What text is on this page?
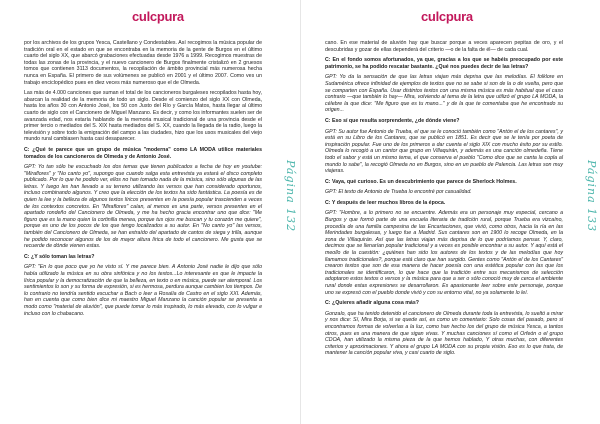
culcpura

por los archivos de los grupos Yesca, Castellano y Condestables. Así recogimos la música popular de tradición oral en el estado en que se encontraba en la memoria de la gente de Burgos en el último cuarto del siglo XX, que abarcó grabaciones efectuadas desde 1976 a 1999. Recogimos muestras de todas las zonas de la provincia, y el nuevo cancionero de Burgos finalmente cristalizó en 2 gruesos tomos que contienen 3113 documentos, la recopilación de ámbito provincial más numerosa hecha nunca en España. El primero de sus volúmenes se publicó en 2001 y el último 2007. Como ves un trabajo enciclopédico pues en diez veces más numeroso que el de Olmeda.

Las más de 4.000 canciones que suman el total de los cancioneros burgaleses recopilados hasta hoy, abarcan la realidad de la memoria de todo un siglo. Desde el comienzo del siglo XX con Olmeda, hasta los años 30 con Antonio José, los 50 con Justo del Río y García Matos, hasta llegar al último cuarto de siglo con el Cancionero de Miguel Manzano. Es decir, y como los informantes suelen ser de avanzada edad, nos estaría hablando de la memoria musical tradicional de una provincia desde el primer tercio o mediados del S. XIX hasta mediados del S. XX, cuando la llegada de la radio, luego la televisión y sobre todo la emigración del campo a las ciudades, hizo que los usos musicales del viejo mundo rural cambiasen hasta casi desaparecer.

C: ¿Qué te parece que un grupo de música "moderna" como LA MODA utilice materiales tomados de los cancioneros de Olmeda y de Antonio José.

GPT: Yo tan sólo he escuchado los dos temas que tienen publicados a fecha de hoy en youtube: "Miraflores" y "No canto yo", supongo que cuando salga esta entrevista ya estará el disco completo publicado. Por lo que he podido ver, ellos no han tomado nada de la música, sino sólo algunas de las letras. Y luego les han llevado a su terreno utilizando las versos que han considerado oportunos, incluso combinando algunos. Y creo que la elección de los textos ha sido fantástica. La poesía es de quien la lee y la belleza de algunos textos líricos presentes en la poesía popular trascienden a veces de los contextos concretos. En "Miraflores" caían, al menos es una parte, versos presentes en el apartado rondeño del Cancionero de Olmeda, y me ha hecho gracia encontrar uno que dice: "Me figuro que es la mano quien la cortinilla menea, porque tus ojos me buscan y tu corazón me quiere", porque es uno de los pocos de los que tengo localizados a su autor. En "No canto yo" las versos, también del Cancionero de Olmeda, se han extraído del apartado de cantos de siega y trilla, aunque he podido reconocer algunos de los de mayor altura lírica de todo el cancionero. Me gusta que se recuerde de dónde vienen estas.

C: ¿Y sólo toman las letras?

GPT: "En lo que poco que yo he visto sí. Y me parece bien. A Antonio José nadie le dijo que sólo había utilizado la música en su obra sinfónica y no los textos...Lo interesante es que le impacte la lírica popular y la democratización de que la belleza, en texto o en música, puede ser atemporal. Los sentimientos lo son y su forma de expresión, si es hermosa, perdura aunque cambien los tiempos. De lo contrario no tendría sentido escuchar a Bach o leer a Rosalía de Castro en el siglo XXI. Además, han en cuenta que como bien dice mi maestro Miguel Manzano la canción popular se presenta a modo como "material de aluvión", que puede tomar lo más inspirado, lo más elevado, con lo vulgar e incluso con lo chabacano.

Página 132
culcpura

cano. En ese material de aluvión hay que buscar porque a veces aparecen pepitas de oro, y el descubridas y gozar de ellas dependerá del criterio —o de la falta de él— de cada cual.

C: En el fondo somos afortunados, ya que, gracias a los que se habéis preocupado por este patrimonio, se ha podido rescatar bastante. ¿Qué nos puedes decir de las letras?

GPT: Yo da la sensación de que las letras viajan más deprisa que las melodías. El folklore en Sudamérica ofrece infinidad de ejemplos de textos que no se sabe si son de la o de vuelta, pero que se comparten con España. Usar distintos textos con una misma música es más habitual que el caso contrario —que también lo hay— Mira, volviendo al tema de la letra que utilizó el grupo LA MODA, la célebre la que dice: "Me figuro que es tu mano..." y de la que te comentaba que he encontrado su origen...

C: Eso sí que resulta sorprendente, ¿de dónde viene?

GPT: Su autor fue Antonio de Trueba, el que se le conoció también como "Antón el de los cantares", y está en su Libro de los Cantares, que se publicó en 1851. Es decir que se le tenía por poeta de inspiración popular. Fue uno de los primeros a dar cuenta el siglo XIX con mucho éxito por su estilo. Olmeda lo recogió a un cantor que grupo en Villaquirán, y además es una canción olmedeña. Tiene todo el sabor y está un mismo tema, el que conserva el pueblo "Como dice que se canta la copla al mundo lo sabe", la recogió Olmeda no en Burgos, sino en un pueblo de Palencia. Las letras son muy viajeras.

C: Vaya, qué curioso. Es un descubrimiento que parece de Sherlock Holmes.

GPT: El texto de Antonio de Trueba lo encontré por casualidad.

C: Y después de leer muchos libros de la época.

GPT: "Hombre, a lo primero no se encuentre. Además era un personaje muy especial, cercano a Burgos y que formó parte de una escuela literaria de tradición rural, porque Trueba era vizcaíno, procedía de una familia campesina de las Encartaciones, que vivió, como otros, hacia la ría en las Merindades burgalesas, y luego fue a Madrid. Sus cantares son en 1900 lo recoge Olmeda, en la zona de Villaquirán. Así que las letras viajan más deprisa de lo que podríamos pensar. Y, claro, decimos que se llenarían popular tradicional y a veces es posible encontrar a su autor. Y aquí está el meollo de la cuestión: ¿quiénes han sido los autores de los textos y de las melodías que hoy llamamos tradicionales?, porque está claro que han surgido. Gentes como "Antón el de los Cantares" crearon textos que son de esa manera de hacer poesía con una estética popular con las que los tradicionales se identificaron, lo que hace que la tradición entre sus mecanismos de selección adoptaron estos textos o versos y la música para que a ser o sólo conoció muy de cerca el ambiente rural donde estas expresiones se desarrollaron. Es apasionante leer sobre este personaje, porque uno se expresó con el pueblo donde vivió y con su entorno vital, no ya solamente lo leí.

C: ¿Quieres añadir alguna cosa más?

Gonzalo, que ha tenido detenido el cancionero de Olmeda durante toda la entrevista, lo sueltó a mirar y nos dice: Sí, Mira Borja, si se quede así, es como un comentario: Solo cosas del pasado, pero si encontramos formas de volverlas a la luz, como han hecho los del grupo de música Yesca, a tantos otros, pues es una manera de que sigan vivas. Y muchas canciones sí como el Orfeón o el grupo CDOA, han utilizado la misma pieza de la que hemos hablado, Y otras muchas, con diferentes criterios y aproximaciones. Y ahora el grupo LA MODA con su propia visión. Eso es lo que trata, de mantener la canción popular viva, y casi cuarto de siglo.

Página 133
